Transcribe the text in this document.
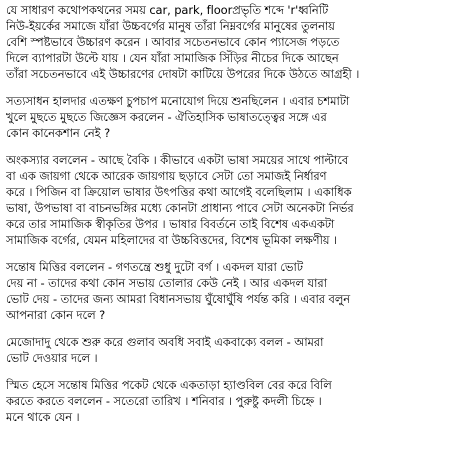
যে সাধারণ কথোপকথনের সময় car, park, floorপ্রভৃতি শব্দে 'r'ধ্বনিটি
নিউ-ইয়র্কের সমাজে যাঁরা উচ্চবর্গের মানুষ তাঁরা নিম্নবর্গের মানুষের তুলনায়
বেশি স্পষ্টভাবে উচ্চারণ করেন । আবার সচেতনভাবে কোন প্যাসেজ পড়তে
দিলে ব্যাপারটা উল্টে যায় । যেন যাঁরা সামাজিক সিঁড়ির নীচের দিকে আছেন
তাঁরা সচেতনভাবে এই উচ্চারণের দোষটা কাটিয়ে উপরের দিকে উঠতে আগ্রহী ।
সত্যসাধন হালদার এতক্ষণ চুপচাপ মনোযোগ দিয়ে শুনছিলেন । এবার চশমাটা
খুলে মুছতে মুছতে জিজ্ঞেস করলেন - ঐতিহাসিক ভাষাতত্ত্বের সঙ্গে এর
কোন কানেকশান নেই ?
অংকস্যার বললেন - আছে বৈকি । কীভাবে একটা ভাষা সময়ের সাথে পাল্টাবে
বা এক জায়গা থেকে আরেক জায়গায় ছড়াবে সেটা তো সমাজই নির্ধারণ
করে । পিজিন বা ক্রিয়োল ভাষার উৎপত্তির কথা আগেই বলেছিলাম । একাধিক
ভাষা, উপভাষা বা বাচনভঙ্গির মধ্যে কোনটা প্রাধান্য পাবে সেটা অনেকটা নির্ভর
করে তার সামাজিক স্বীকৃতির উপর । ভাষার বিবর্তনে তাই বিশেষ একএকটা
সামাজিক বর্গের, যেমন মহিলাদের বা উচ্চবিত্তদের, বিশেষ ভূমিকা লক্ষণীয় ।
সন্তোষ মিত্তির বললেন - গণতন্ত্রে শুধু দুটো বর্গ । একদল যারা ভোট
দেয় না - তাদের কথা কোন সভায় তোলার কেউ নেই । আর একদল যারা
ভোট দেয় - তাদের জন্য আমরা বিধানসভায় ঘুঁষোঘুঁষি পর্যন্ত করি । এবার বলুন
আপনারা কোন দলে ?
মেজোদাদু থেকে শুরু করে গুলাব অবধি সবাই একবাক্যে বলল - আমরা
ভোট দেওয়ার দলে ।
স্মিত হেসে সন্তোষ মিত্তির পকেট থেকে একতাড়া হ্যাণ্ডবিল বের করে বিলি
করতে করতে বললেন - সতেরো তারিখ । শনিবার । পুরুষ্টু কদলী চিহ্নে ।
মনে থাকে যেন ।
